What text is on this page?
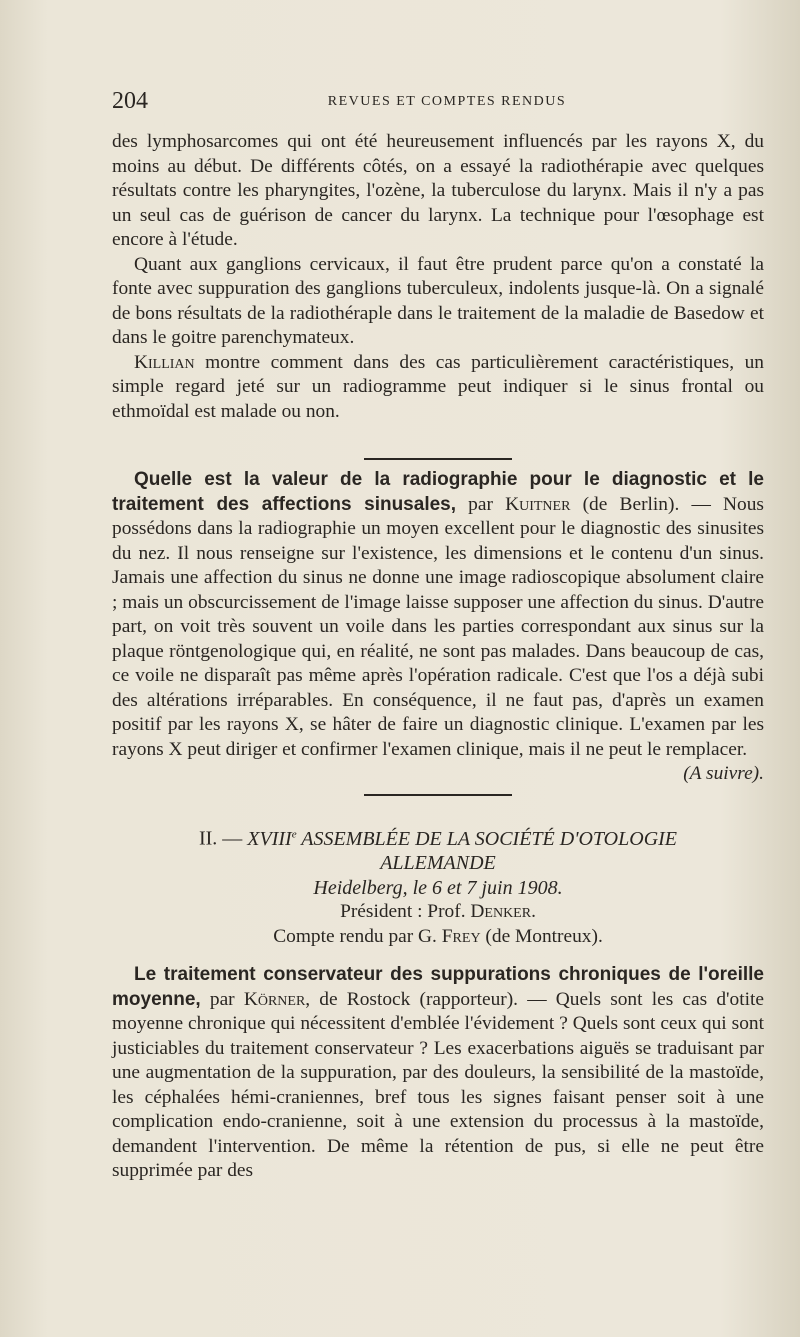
204	REVUES ET COMPTES RENDUS

des lymphosarcomes qui ont été heureusement influencés par les rayons X, du moins au début. De différents côtés, on a essayé la radiothérapie avec quelques résultats contre les pharyngites, l'ozène, la tuberculose du larynx. Mais il n'y a pas un seul cas de guérison de cancer du larynx. La technique pour l'œsophage est encore à l'étude.

Quant aux ganglions cervicaux, il faut être prudent parce qu'on a constaté la fonte avec suppuration des ganglions tuberculeux, indolents jusque-là. On a signalé de bons résultats de la radiothéraple dans le traitement de la maladie de Basedow et dans le goitre parenchymateux.

Killian montre comment dans des cas particulièrement caractéristiques, un simple regard jeté sur un radiogramme peut indiquer si le sinus frontal ou ethmoïdal est malade ou non.

Quelle est la valeur de la radiographie pour le diagnostic et le traitement des affections sinusales, par Kuitner (de Berlin). — Nous possédons dans la radiographie un moyen excellent pour le diagnostic des sinusites du nez. Il nous renseigne sur l'existence, les dimensions et le contenu d'un sinus. Jamais une affection du sinus ne donne une image radioscopique absolument claire ; mais un obscurcissement de l'image laisse supposer une affection du sinus. D'autre part, on voit très souvent un voile dans les parties correspondant aux sinus sur la plaque röntgenologique qui, en réalité, ne sont pas malades. Dans beaucoup de cas, ce voile ne disparaît pas même après l'opération radicale. C'est que l'os a déjà subi des altérations irréparables. En conséquence, il ne faut pas, d'après un examen positif par les rayons X, se hâter de faire un diagnostic clinique. L'examen par les rayons X peut diriger et confirmer l'examen clinique, mais il ne peut le remplacer.
(A suivre).

II. — XVIIIe ASSEMBLÉE DE LA SOCIÉTÉ D'OTOLOGIE

ALLEMANDE

Heidelberg, le 6 et 7 juin 1908.

Président : Prof. Denker.

Compte rendu par G. Frey (de Montreux).

Le traitement conservateur des suppurations chroniques de l'oreille moyenne, par Körner, de Rostock (rapporteur). — Quels sont les cas d'otite moyenne chronique qui nécessitent d'emblée l'évidement ? Quels sont ceux qui sont justiciables du traitement conservateur ? Les exacerbations aiguës se traduisant par une augmentation de la suppuration, par des douleurs, la sensibilité de la mastoïde, les céphalées hémi-craniennes, bref tous les signes faisant penser soit à une complication endo-cranienne, soit à une extension du processus à la mastoïde, demandent l'intervention. De même la rétention de pus, si elle ne peut être supprimée par des
